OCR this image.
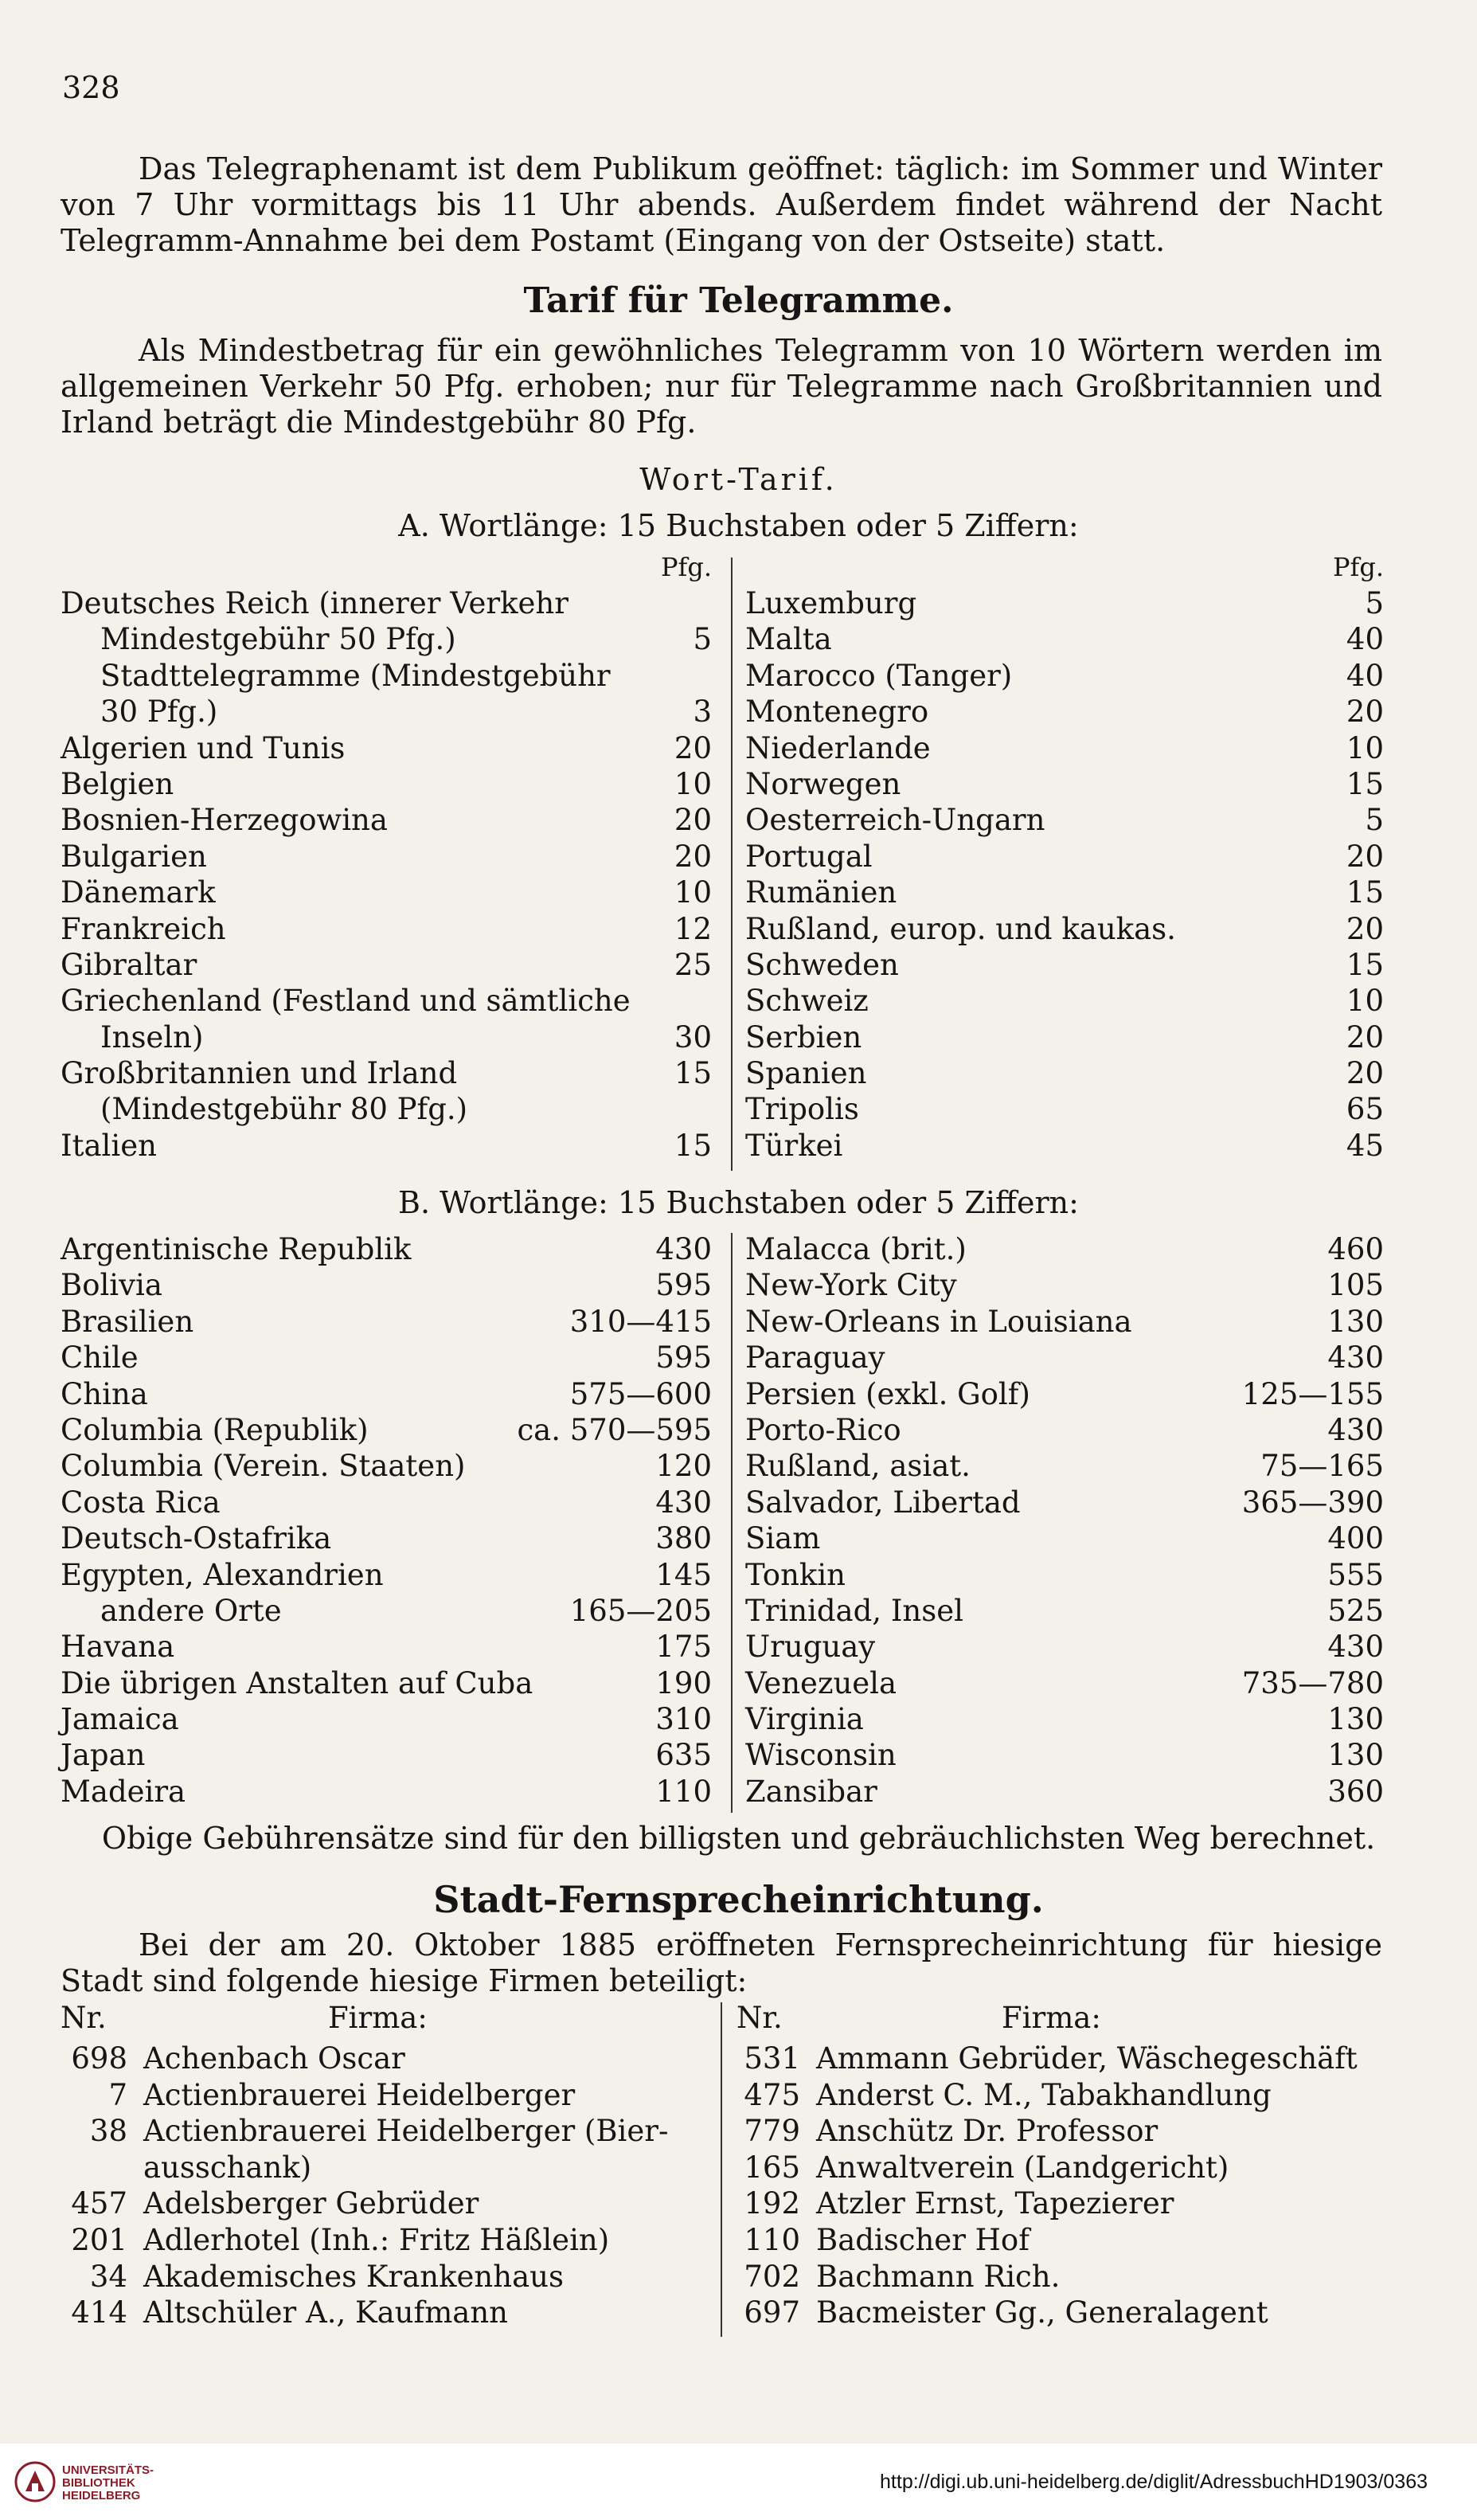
328

Das Telegraphenamt ist dem Publikum geöffnet: täglich: im Sommer und Winter von 7 Uhr vormittags bis 11 Uhr abends. Außerdem findet während der Nacht Telegramm-Annahme bei dem Postamt (Eingang von der Ostseite) statt.

Tarif für Telegramme.

Als Mindestbetrag für ein gewöhnliches Telegramm von 10 Wörtern werden im allgemeinen Verkehr 50 Pfg. erhoben; nur für Telegramme nach Großbritannien und Irland beträgt die Mindestgebühr 80 Pfg.

Wort-Tarif.
A. Wortlänge: 15 Buchstaben oder 5 Ziffern:
Pfg.
Deutsches Reich (innerer Verkehr
Mindestgebühr 50 Pfg.)	5
Stadttelegramme (Mindestgebühr
30 Pfg.)	3
Algerien und Tunis	20
Belgien	10
Bosnien-Herzegowina	20
Bulgarien	20
Dänemark	10
Frankreich	12
Gibraltar	25
Griechenland (Festland und sämtliche
Inseln)	30
Großbritannien und Irland	15
(Mindestgebühr 80 Pfg.)
Italien	15
Pfg.
Luxemburg	5
Malta	40
Marocco (Tanger)	40
Montenegro	20
Niederlande	10
Norwegen	15
Oesterreich-Ungarn	5
Portugal	20
Rumänien	15
Rußland, europ. und kaukas.	20
Schweden	15
Schweiz	10
Serbien	20
Spanien	20
Tripolis	65
Türkei	45
B. Wortlänge: 15 Buchstaben oder 5 Ziffern:
Argentinische Republik	430
Bolivia	595
Brasilien	310—415
Chile	595
China	575—600
Columbia (Republik)	ca. 570—595
Columbia (Verein. Staaten)	120
Costa Rica	430
Deutsch-Ostafrika	380
Egypten, Alexandrien	145
andere Orte	165—205
Havana	175
Die übrigen Anstalten auf Cuba	190
Jamaica	310
Japan	635
Madeira	110
Malacca (brit.)	460
New-York City	105
New-Orleans in Louisiana	130
Paraguay	430
Persien (exkl. Golf)	125—155
Porto-Rico	430
Rußland, asiat.	75—165
Salvador, Libertad	365—390
Siam	400
Tonkin	555
Trinidad, Insel	525
Uruguay	430
Venezuela	735—780
Virginia	130
Wisconsin	130
Zansibar	360
Obige Gebührensätze sind für den billigsten und gebräuchlichsten Weg berechnet.
Stadt-Fernsprecheinrichtung.

Bei der am 20. Oktober 1885 eröffneten Fernsprecheinrichtung für hiesige Stadt sind folgende hiesige Firmen beteiligt:

Nr.	Firma:	Nr.	Firma:
698 Achenbach Oscar
7 Actienbrauerei Heidelberger
38 Actienbrauerei Heidelberger (Bier-
ausschank)
457 Adelsberger Gebrüder
201 Adlerhotel (Inh.: Fritz Häßlein)
34 Akademisches Krankenhaus
414 Altschüler A., Kaufmann
531 Ammann Gebrüder, Wäschegeschäft
475 Anderst C. M., Tabakhandlung
779 Anschütz Dr. Professor
165 Anwaltverein (Landgericht)
192 Atzler Ernst, Tapezierer
110 Badischer Hof
702 Bachmann Rich.
697 Bacmeister Gg., Generalagent
UNIVERSITÄTS-
BIBLIOTHEK
HEIDELBERG
http://digi.ub.uni-heidelberg.de/diglit/AdressbuchHD1903/0363
